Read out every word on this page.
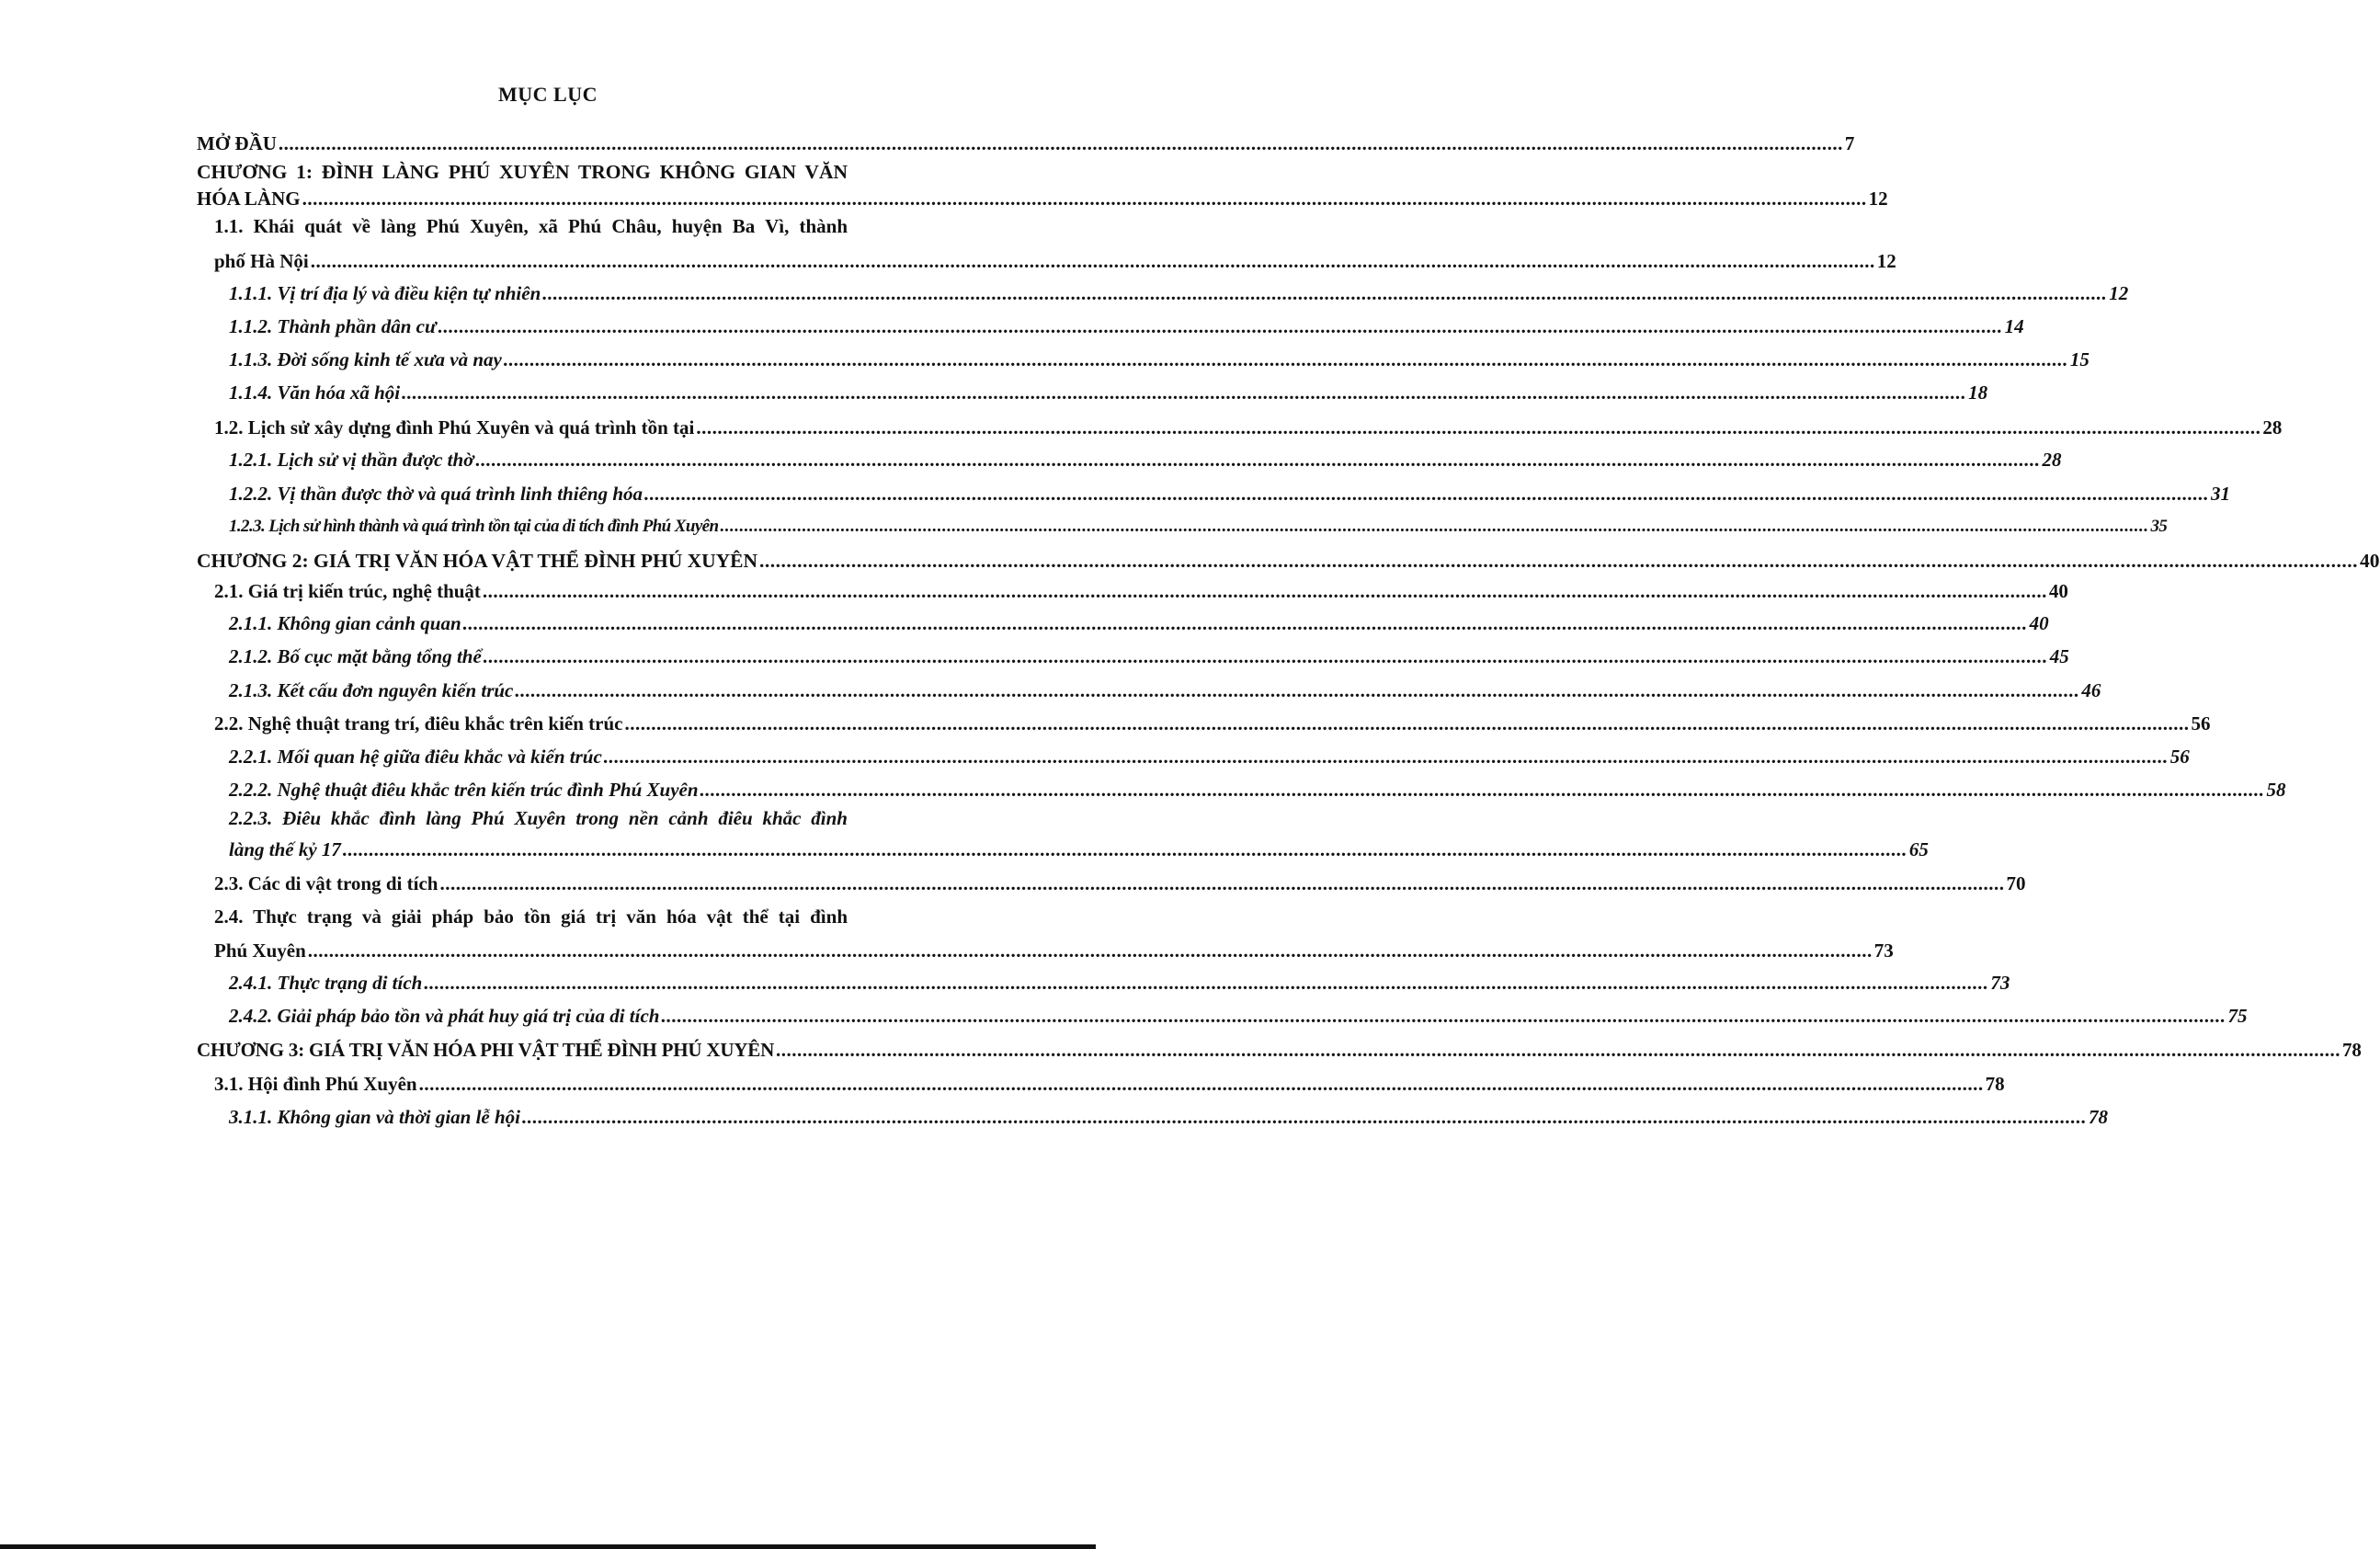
MỤC LỤC
MỞ ĐẦU .....	7
CHƯƠNG 1: ĐÌNH LÀNG PHÚ XUYÊN TRONG KHÔNG GIAN VĂN
HÓA LÀNG .....	12
1.1. Khái quát về làng Phú Xuyên, xã Phú Châu, huyện Ba Vì, thành
phố Hà Nội .....	12
1.1.1. Vị trí địa lý và điều kiện tự nhiên .....	12
1.1.2. Thành phần dân cư .....	14
1.1.3. Đời sống kinh tế xưa và nay .....	15
1.1.4. Văn hóa xã hội .....	18
1.2. Lịch sử xây dựng đình Phú Xuyên và quá trình tồn tại .....	28
1.2.1. Lịch sử vị thần được thờ .....	28
1.2.2. Vị thần được thờ và quá trình linh thiêng hóa .....	31
1.2.3. Lịch sử hình thành và quá trình tồn tại của di tích đình Phú Xuyên .....	35
CHƯƠNG 2: GIÁ TRỊ VĂN HÓA VẬT THỂ ĐÌNH PHÚ XUYÊN .....	40
2.1. Giá trị kiến trúc, nghệ thuật .....	40
2.1.1. Không gian cảnh quan .....	40
2.1.2. Bố cục mặt bằng tổng thể .....	45
2.1.3. Kết cấu đơn nguyên kiến trúc .....	46
2.2. Nghệ thuật trang trí, điêu khắc trên kiến trúc .....	56
2.2.1. Mối quan hệ giữa điêu khắc và kiến trúc .....	56
2.2.2. Nghệ thuật điêu khắc trên kiến trúc đình Phú Xuyên .....	58
2.2.3. Điêu khắc đình làng Phú Xuyên trong nền cảnh điêu khắc đình
làng thế kỷ 17 .....	65
2.3. Các di vật trong di tích .....	70
2.4. Thực trạng và giải pháp bảo tồn giá trị văn hóa vật thể tại đình
Phú Xuyên .....	73
2.4.1. Thực trạng di tích .....	73
2.4.2. Giải pháp bảo tồn và phát huy giá trị của di tích .....	75
CHƯƠNG 3: GIÁ TRỊ VĂN HÓA PHI VẬT THỂ ĐÌNH PHÚ XUYÊN .....	78
3.1. Hội đình Phú Xuyên .....	78
3.1.1. Không gian và thời gian lễ hội .....	78
